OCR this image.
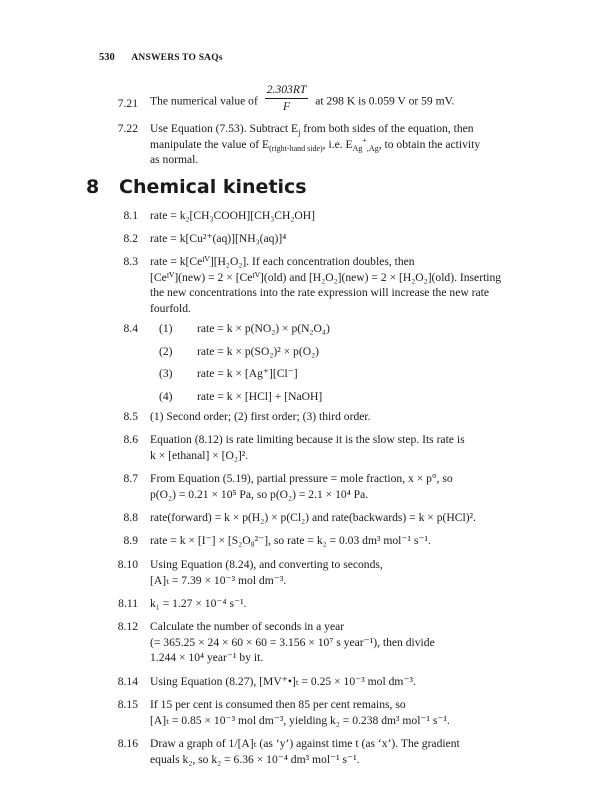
530 ANSWERS TO SAQs
7.21 The numerical value of $\frac{2.303RT}{F}$ at 298 K is 0.059 V or 59 mV.
7.22 Use Equation (7.53). Subtract $E_j$ from both sides of the equation, then
manipulate the value of $E_{(right-hand side)}$, i.e. $E_{Ag}^+_{,Ag}$, to obtain the activity
as normal.
8 Chemical kinetics
8.1 rate = k₂[CH₃COOH][CH₃CH₂OH]
8.2 rate = k[Cu²⁺(aq)][NH₃(aq)]⁴
8.3 rate = k[Ceᴵⱽ][H₂O₂]. If each concentration doubles, then
[Ceᴵⱽ](new) = 2 × [Ceᴵⱽ](old) and [H₂O₂](new) = 2 × [H₂O₂](old). Inserting
the new concentrations into the rate expression will increase the new rate
fourfold.
8.4 (1) rate = k × p(NO₂) × p(N₂O₄)
(2) rate = k × p(SO₂)² × p(O₂)
(3) rate = k × [Ag⁺][Cl⁻]
(4) rate = k × [HCl] + [NaOH]
8.5 (1) Second order; (2) first order; (3) third order.
8.6 Equation (8.12) is rate limiting because it is the slow step. Its rate is
k × [ethanal] × [O₂]².
8.7 From Equation (5.19), partial pressure = mole fraction, x × p°, so
p(O₂) = 0.21 × 10⁵ Pa, so p(O₂) = 2.1 × 10⁴ Pa.
8.8 rate(forward) = k × p(H₂) × p(Cl₂) and rate(backwards) = k × p(HCl)².
8.9 rate = k × [I⁻] × [S₂O₈²⁻], so rate = k₂ = 0.03 dm³ mol⁻¹ s⁻¹.
8.10 Using Equation (8.24), and converting to seconds,
[A]ₜ = 7.39 × 10⁻³ mol dm⁻³.
8.11 k₁ = 1.27 × 10⁻⁴ s⁻¹.
8.12 Calculate the number of seconds in a year
(= 365.25 × 24 × 60 × 60 = 3.156 × 10⁷ s year⁻¹), then divide
1.244 × 10⁴ year⁻¹ by it.
8.14 Using Equation (8.27), [MV⁺•]ₜ = 0.25 × 10⁻³ mol dm⁻³.
8.15 If 15 per cent is consumed then 85 per cent remains, so
[A]ₜ = 0.85 × 10⁻³ mol dm⁻³, yielding k₂ = 0.238 dm³ mol⁻¹ s⁻¹.
8.16 Draw a graph of 1/[A]ₜ (as ‘y’) against time t (as ‘x’). The gradient
equals k₂, so k₂ = 6.36 × 10⁻⁴ dm³ mol⁻¹ s⁻¹.
